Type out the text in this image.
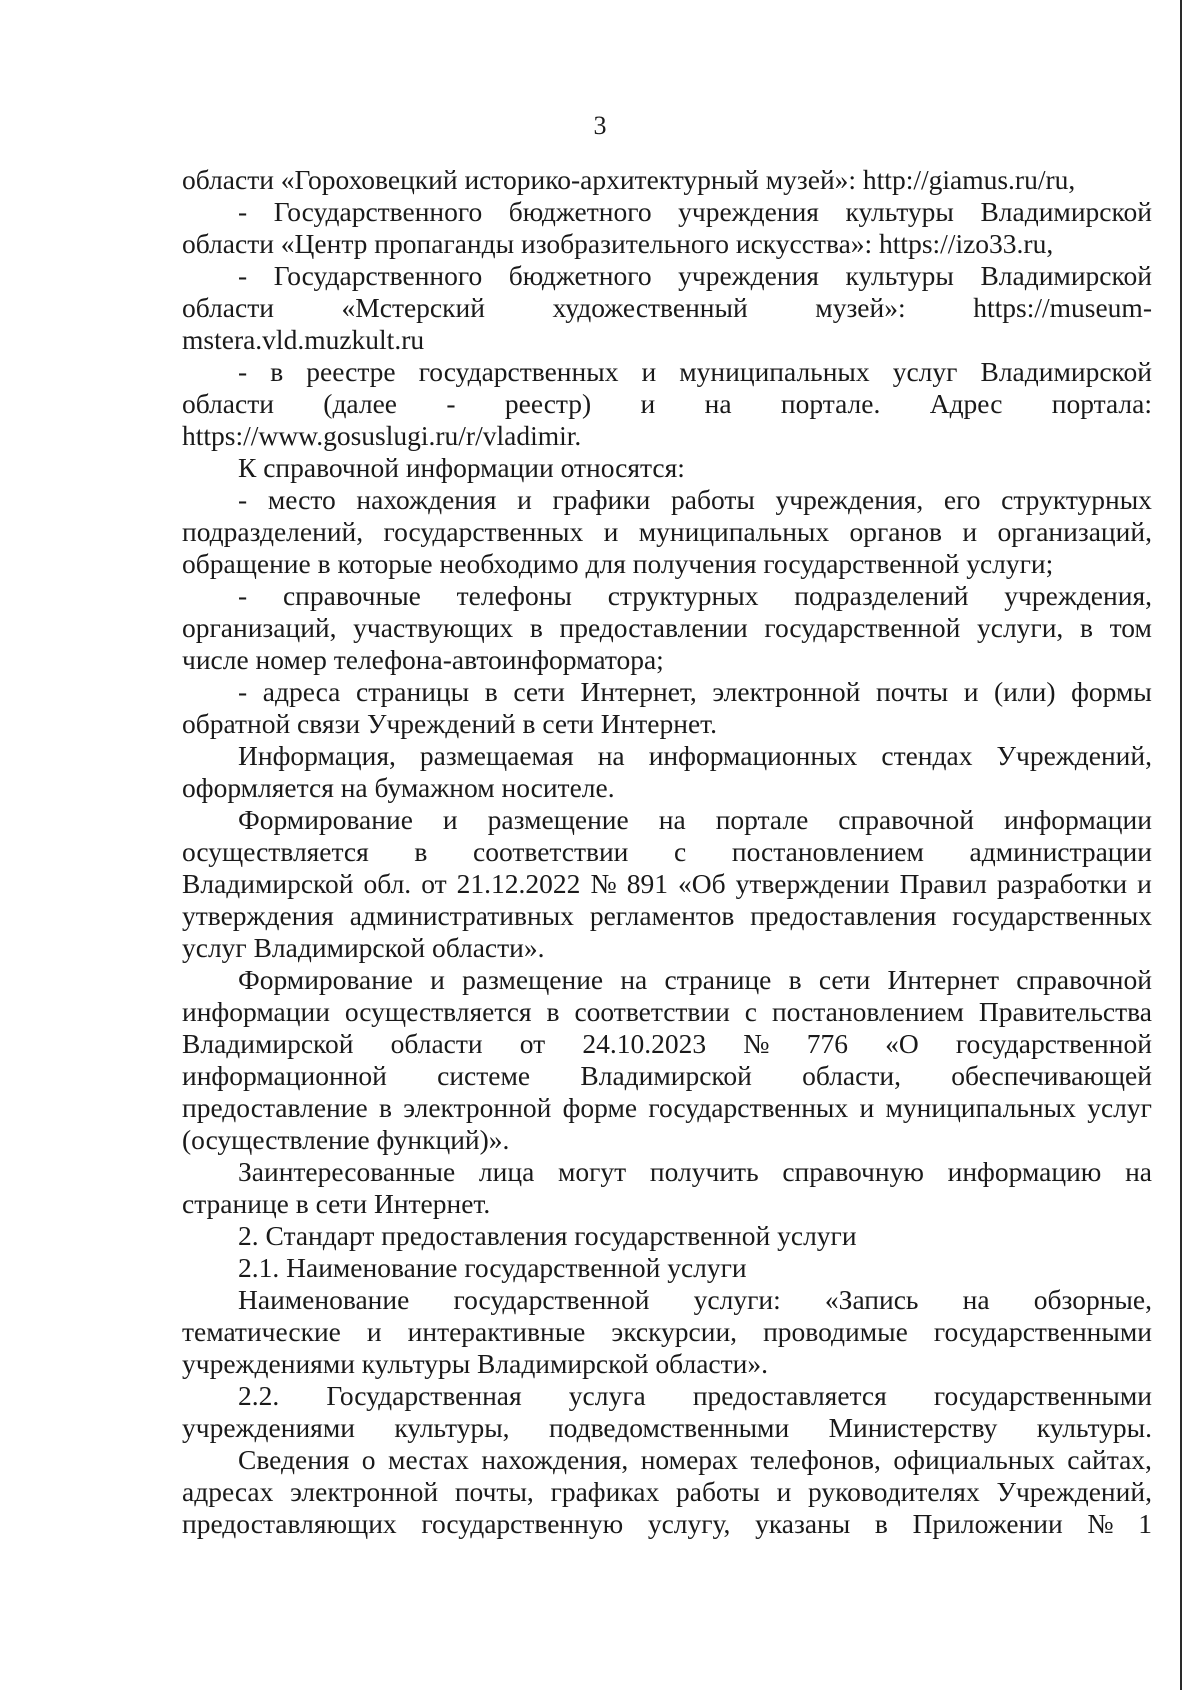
3
области «Гороховецкий историко-архитектурный музей»: http://giamus.ru/ru,
- Государственного бюджетного учреждения культуры Владимирской
области «Центр пропаганды изобразительного искусства»: https://izo33.ru,
- Государственного бюджетного учреждения культуры Владимирской
области «Мстерский художественный музей»: https://museum-
mstera.vld.muzkult.ru
- в реестре государственных и муниципальных услуг Владимирской
области (далее - реестр) и на портале. Адрес портала:
https://www.gosuslugi.ru/r/vladimir.
К справочной информации относятся:
- место нахождения и графики работы учреждения, его структурных
подразделений, государственных и муниципальных органов и организаций,
обращение в которые необходимо для получения государственной услуги;
- справочные телефоны структурных подразделений учреждения,
организаций, участвующих в предоставлении государственной услуги, в том
числе номер телефона-автоинформатора;
- адреса страницы в сети Интернет, электронной почты и (или) формы
обратной связи Учреждений в сети Интернет.
Информация, размещаемая на информационных стендах Учреждений,
оформляется на бумажном носителе.
Формирование и размещение на портале справочной информации
осуществляется в соответствии с постановлением администрации
Владимирской обл. от 21.12.2022 № 891 «Об утверждении Правил разработки и
утверждения административных регламентов предоставления государственных
услуг Владимирской области».
Формирование и размещение на странице в сети Интернет справочной
информации осуществляется в соответствии с постановлением Правительства
Владимирской области от 24.10.2023 № 776 «О государственной
информационной системе Владимирской области, обеспечивающей
предоставление в электронной форме государственных и муниципальных услуг
(осуществление функций)».
Заинтересованные лица могут получить справочную информацию на
странице в сети Интернет.
2. Стандарт предоставления государственной услуги
2.1. Наименование государственной услуги
Наименование государственной услуги: «Запись на обзорные,
тематические и интерактивные экскурсии, проводимые государственными
учреждениями культуры Владимирской области».
2.2. Государственная услуга предоставляется государственными
учреждениями культуры, подведомственными Министерству культуры.
Сведения о местах нахождения, номерах телефонов, официальных сайтах,
адресах электронной почты, графиках работы и руководителях Учреждений,
предоставляющих государственную услугу, указаны в Приложении № 1
